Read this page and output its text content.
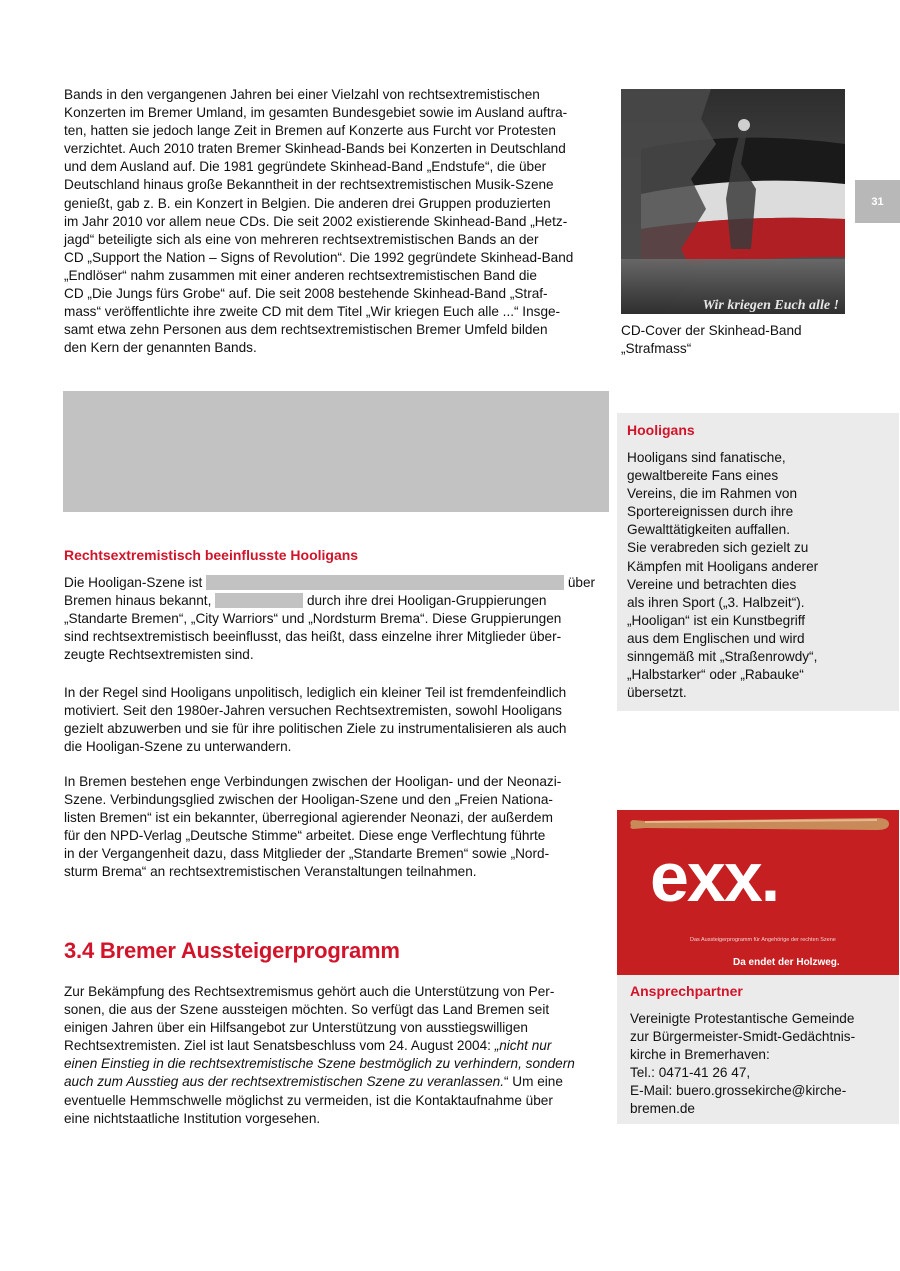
31
Bands in den vergangenen Jahren bei einer Vielzahl von rechtsextremistischen
Konzerten im Bremer Umland, im gesamten Bundesgebiet sowie im Ausland auftra-
ten, hatten sie jedoch lange Zeit in Bremen auf Konzerte aus Furcht vor Protesten
verzichtet. Auch 2010 traten Bremer Skinhead-Bands bei Konzerten in Deutschland
und dem Ausland auf. Die 1981 gegründete Skinhead-Band „Endstufe“, die über
Deutschland hinaus große Bekanntheit in der rechtsextremistischen Musik-Szene
genießt, gab z. B. ein Konzert in Belgien. Die anderen drei Gruppen produzierten
im Jahr 2010 vor allem neue CDs. Die seit 2002 existierende Skinhead-Band „Hetz-
jagd“ beteiligte sich als eine von mehreren rechtsextremistischen Bands an der
CD „Support the Nation – Signs of Revolution“. Die 1992 gegründete Skinhead-Band
„Endlöser“ nahm zusammen mit einer anderen rechtsextremistischen Band die
CD „Die Jungs fürs Grobe“ auf. Die seit 2008 bestehende Skinhead-Band „Straf-
mass“ veröffentlichte ihre zweite CD mit dem Titel „Wir kriegen Euch alle ...“ Insge-
samt etwa zehn Personen aus dem rechtsextremistischen Bremer Umfeld bilden
den Kern der genannten Bands.
Wir kriegen Euch alle !
CD-Cover der Skinhead-Band
„Strafmass“
Hooligans
Hooligans sind fanatische,
gewaltbereite Fans eines
Vereins, die im Rahmen von
Sportereignissen durch ihre
Gewalttätigkeiten auffallen.
Sie verabreden sich gezielt zu
Kämpfen mit Hooligans anderer
Vereine und betrachten dies
als ihren Sport („3. Halbzeit“).
„Hooligan“ ist ein Kunstbegriff
aus dem Englischen und wird
sinngemäß mit „Straßenrowdy“,
„Halbstarker“ oder „Rabauke“
übersetzt.
Rechtsextremistisch beeinflusste Hooligans
Die Hooligan-Szene ist	über
Bremen hinaus bekannt,	durch ihre drei Hooligan-Gruppierungen
„Standarte Bremen“, „City Warriors“ und „Nordsturm Brema“. Diese Gruppierungen
sind rechtsextremistisch beeinflusst, das heißt, dass einzelne ihrer Mitglieder über-
zeugte Rechtsextremisten sind.
In der Regel sind Hooligans unpolitisch, lediglich ein kleiner Teil ist fremdenfeindlich
motiviert. Seit den 1980er-Jahren versuchen Rechtsextremisten, sowohl Hooligans
gezielt abzuwerben und sie für ihre politischen Ziele zu instrumentalisieren als auch
die Hooligan-Szene zu unterwandern.
In Bremen bestehen enge Verbindungen zwischen der Hooligan- und der Neonazi-
Szene. Verbindungsglied zwischen der Hooligan-Szene und den „Freien Nationa-
listen Bremen“ ist ein bekannter, überregional agierender Neonazi, der außerdem
für den NPD-Verlag „Deutsche Stimme“ arbeitet. Diese enge Verflechtung führte
in der Vergangenheit dazu, dass Mitglieder der „Standarte Bremen“ sowie „Nord-
sturm Brema“ an rechtsextremistischen Veranstaltungen teilnahmen.	exx.
Das Aussteigerprogramm für Angehörige der rechten Szene
Da endet der Holzweg.
Ansprechpartner
Vereinigte Protestantische Gemeinde
zur Bürgermeister-Smidt-Gedächtnis-
kirche in Bremerhaven:
Tel.: 0471-41 26 47,
E-Mail: buero.grossekirche@kirche-
bremen.de
3.4 Bremer Aussteigerprogramm
Zur Bekämpfung des Rechtsextremismus gehört auch die Unterstützung von Per-
sonen, die aus der Szene aussteigen möchten. So verfügt das Land Bremen seit
einigen Jahren über ein Hilfsangebot zur Unterstützung von ausstiegswilligen
Rechtsextremisten. Ziel ist laut Senatsbeschluss vom 24. August 2004: „nicht nur
einen Einstieg in die rechtsextremistische Szene bestmöglich zu verhindern, sondern
auch zum Ausstieg aus der rechtsextremistischen Szene zu veranlassen.“ Um eine
eventuelle Hemmschwelle möglichst zu vermeiden, ist die Kontaktaufnahme über
eine nichtstaatliche Institution vorgesehen.
